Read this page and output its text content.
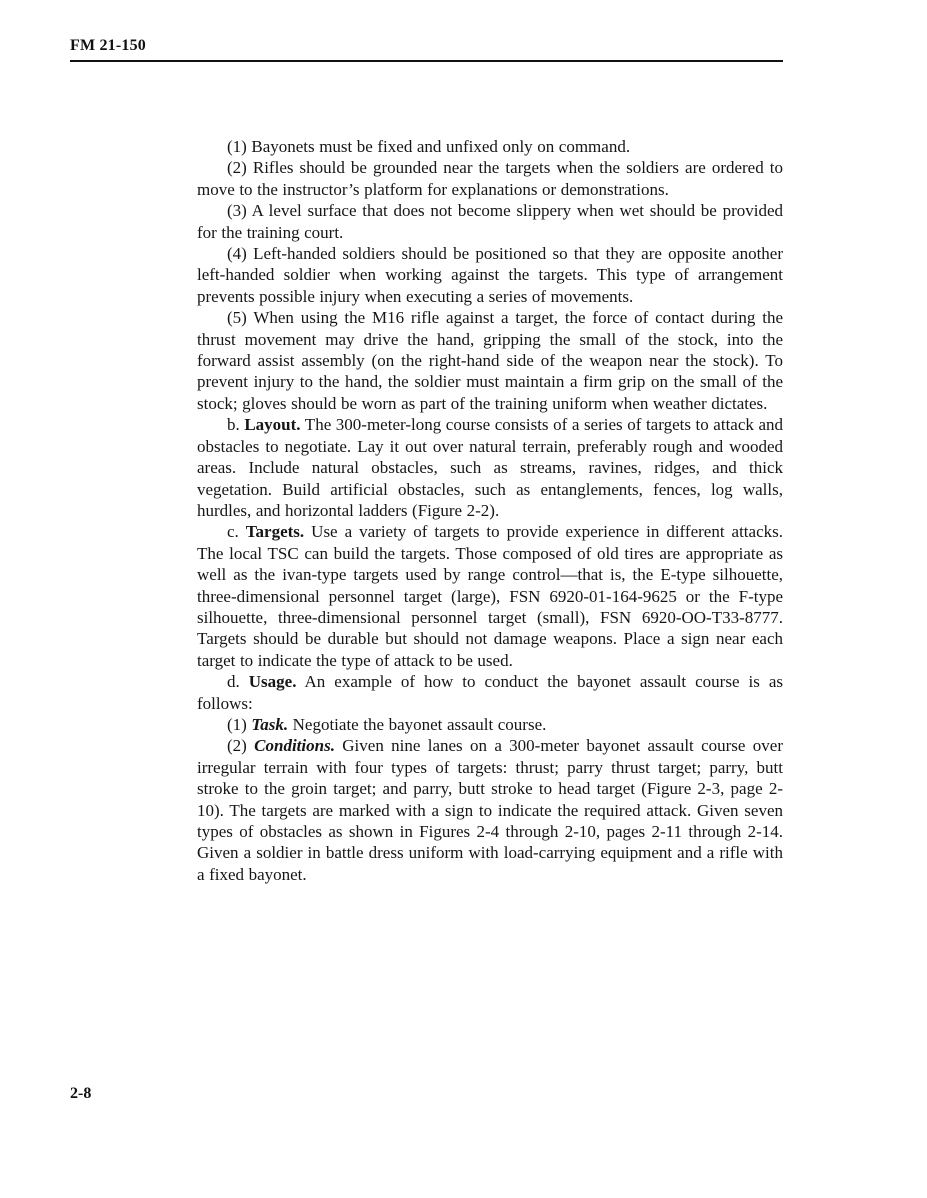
FM 21-150

(1) Bayonets must be fixed and unfixed only on command.

(2) Rifles should be grounded near the targets when the soldiers are ordered to move to the instructor’s platform for explanations or demonstrations.

(3) A level surface that does not become slippery when wet should be provided for the training court.

(4) Left-handed soldiers should be positioned so that they are opposite another left-handed soldier when working against the targets. This type of arrangement prevents possible injury when executing a series of movements.

(5) When using the M16 rifle against a target, the force of contact during the thrust movement may drive the hand, gripping the small of the stock, into the forward assist assembly (on the right-hand side of the weapon near the stock). To prevent injury to the hand, the soldier must maintain a firm grip on the small of the stock; gloves should be worn as part of the training uniform when weather dictates.

b. Layout. The 300-meter-long course consists of a series of targets to attack and obstacles to negotiate. Lay it out over natural terrain, preferably rough and wooded areas. Include natural obstacles, such as streams, ravines, ridges, and thick vegetation. Build artificial obstacles, such as entanglements, fences, log walls, hurdles, and horizontal ladders (Figure 2-2).

c. Targets. Use a variety of targets to provide experience in different attacks. The local TSC can build the targets. Those composed of old tires are appropriate as well as the ivan-type targets used by range control—that is, the E-type silhouette, three-dimensional personnel target (large), FSN 6920-01-164-9625 or the F-type silhouette, three-dimensional personnel target (small), FSN 6920-OO-T33-8777. Targets should be durable but should not damage weapons. Place a sign near each target to indicate the type of attack to be used.

d. Usage. An example of how to conduct the bayonet assault course is as follows:

(1) Task. Negotiate the bayonet assault course.

(2) Conditions. Given nine lanes on a 300-meter bayonet assault course over irregular terrain with four types of targets: thrust; parry thrust target; parry, butt stroke to the groin target; and parry, butt stroke to head target (Figure 2-3, page 2-10). The targets are marked with a sign to indicate the required attack. Given seven types of obstacles as shown in Figures 2-4 through 2-10, pages 2-11 through 2-14. Given a soldier in battle dress uniform with load-carrying equipment and a rifle with a fixed bayonet.

2-8
